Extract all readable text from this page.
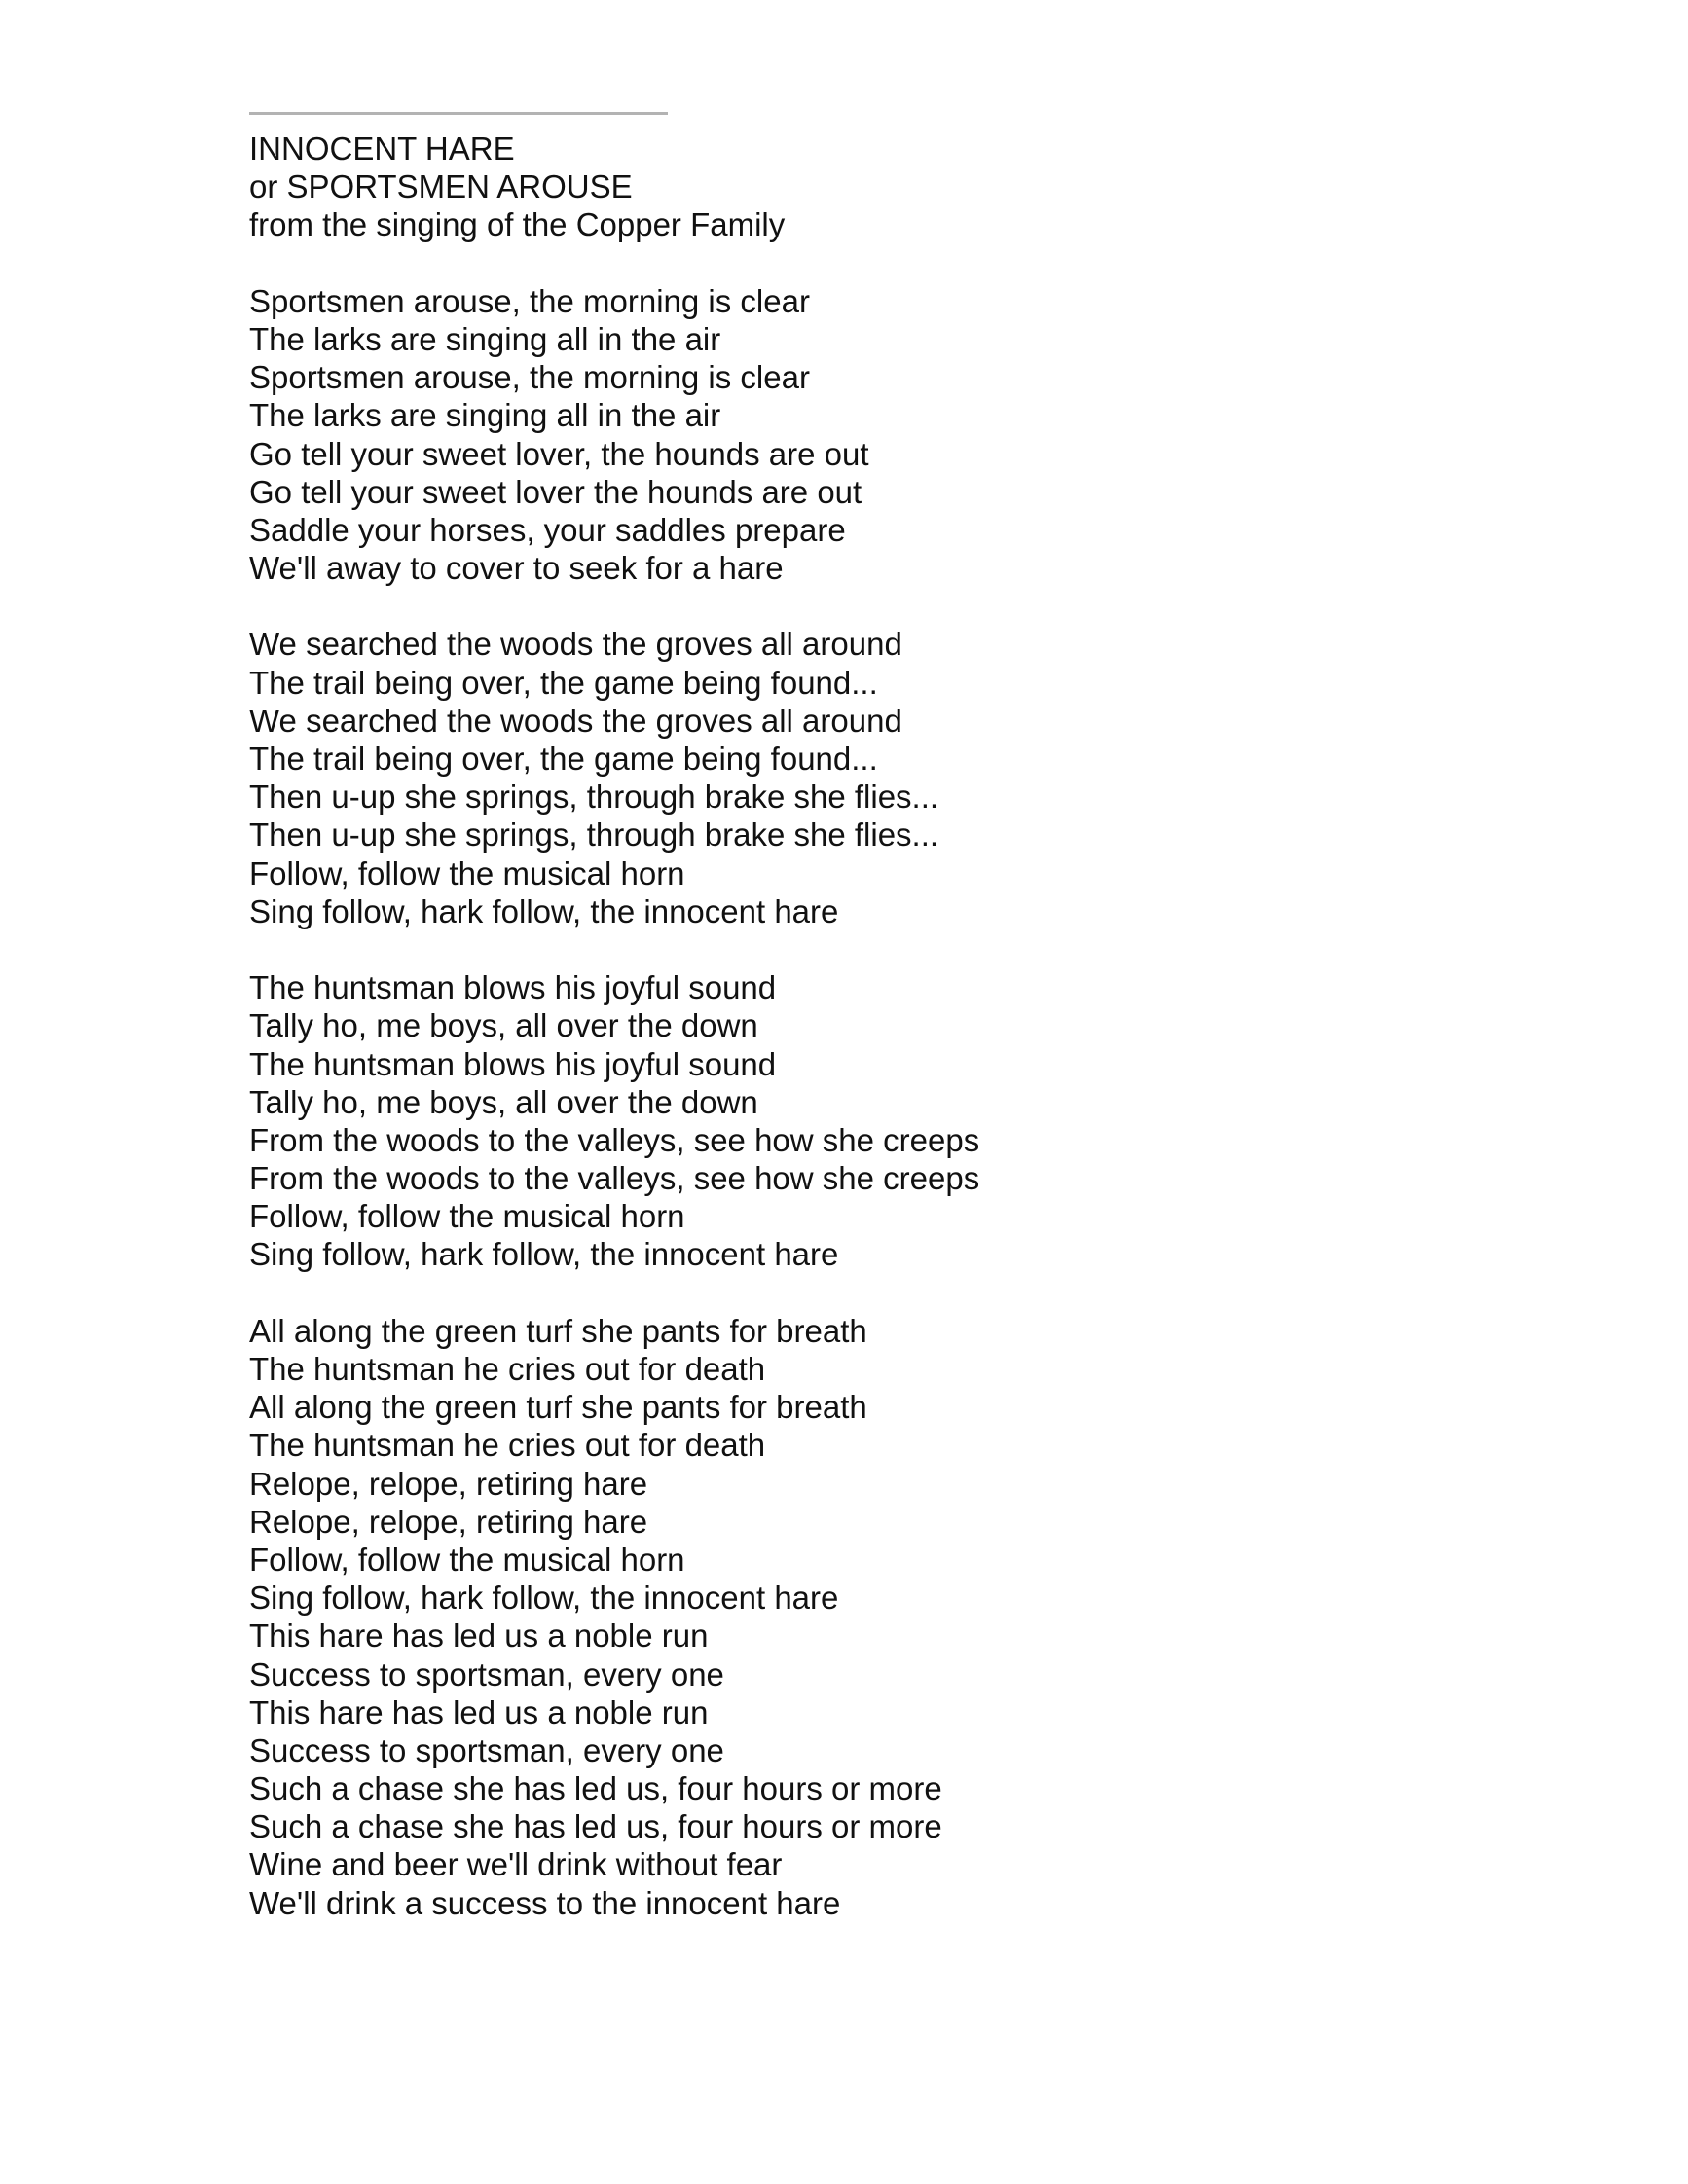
INNOCENT HARE
or SPORTSMEN AROUSE
from the singing of the Copper Family
Sportsmen arouse, the morning is clear
The larks are singing all in the air
Sportsmen arouse, the morning is clear
The larks are singing all in the air
Go tell your sweet lover, the hounds are out
Go tell your sweet lover the hounds are out
Saddle your horses, your saddles prepare
We'll away to cover to seek for a hare
We searched the woods the groves all around
The trail being over, the game being found...
We searched the woods the groves all around
The trail being over, the game being found...
Then u-up she springs, through brake she flies...
Then u-up she springs, through brake she flies...
Follow, follow the musical horn
Sing follow, hark follow, the innocent hare
The huntsman blows his joyful sound
Tally ho, me boys, all over the down
The huntsman blows his joyful sound
Tally ho, me boys, all over the down
From the woods to the valleys, see how she creeps
From the woods to the valleys, see how she creeps
Follow, follow the musical horn
Sing follow, hark follow, the innocent hare
All along the green turf she pants for breath
The huntsman he cries out for death
All along the green turf she pants for breath
The huntsman he cries out for death
Relope, relope, retiring hare
Relope, relope, retiring hare
Follow, follow the musical horn
Sing follow, hark follow, the innocent hare
This hare has led us a noble run
Success to sportsman, every one
This hare has led us a noble run
Success to sportsman, every one
Such a chase she has led us, four hours or more
Such a chase she has led us, four hours or more
Wine and beer we'll drink without fear
We'll drink a success to the innocent hare
